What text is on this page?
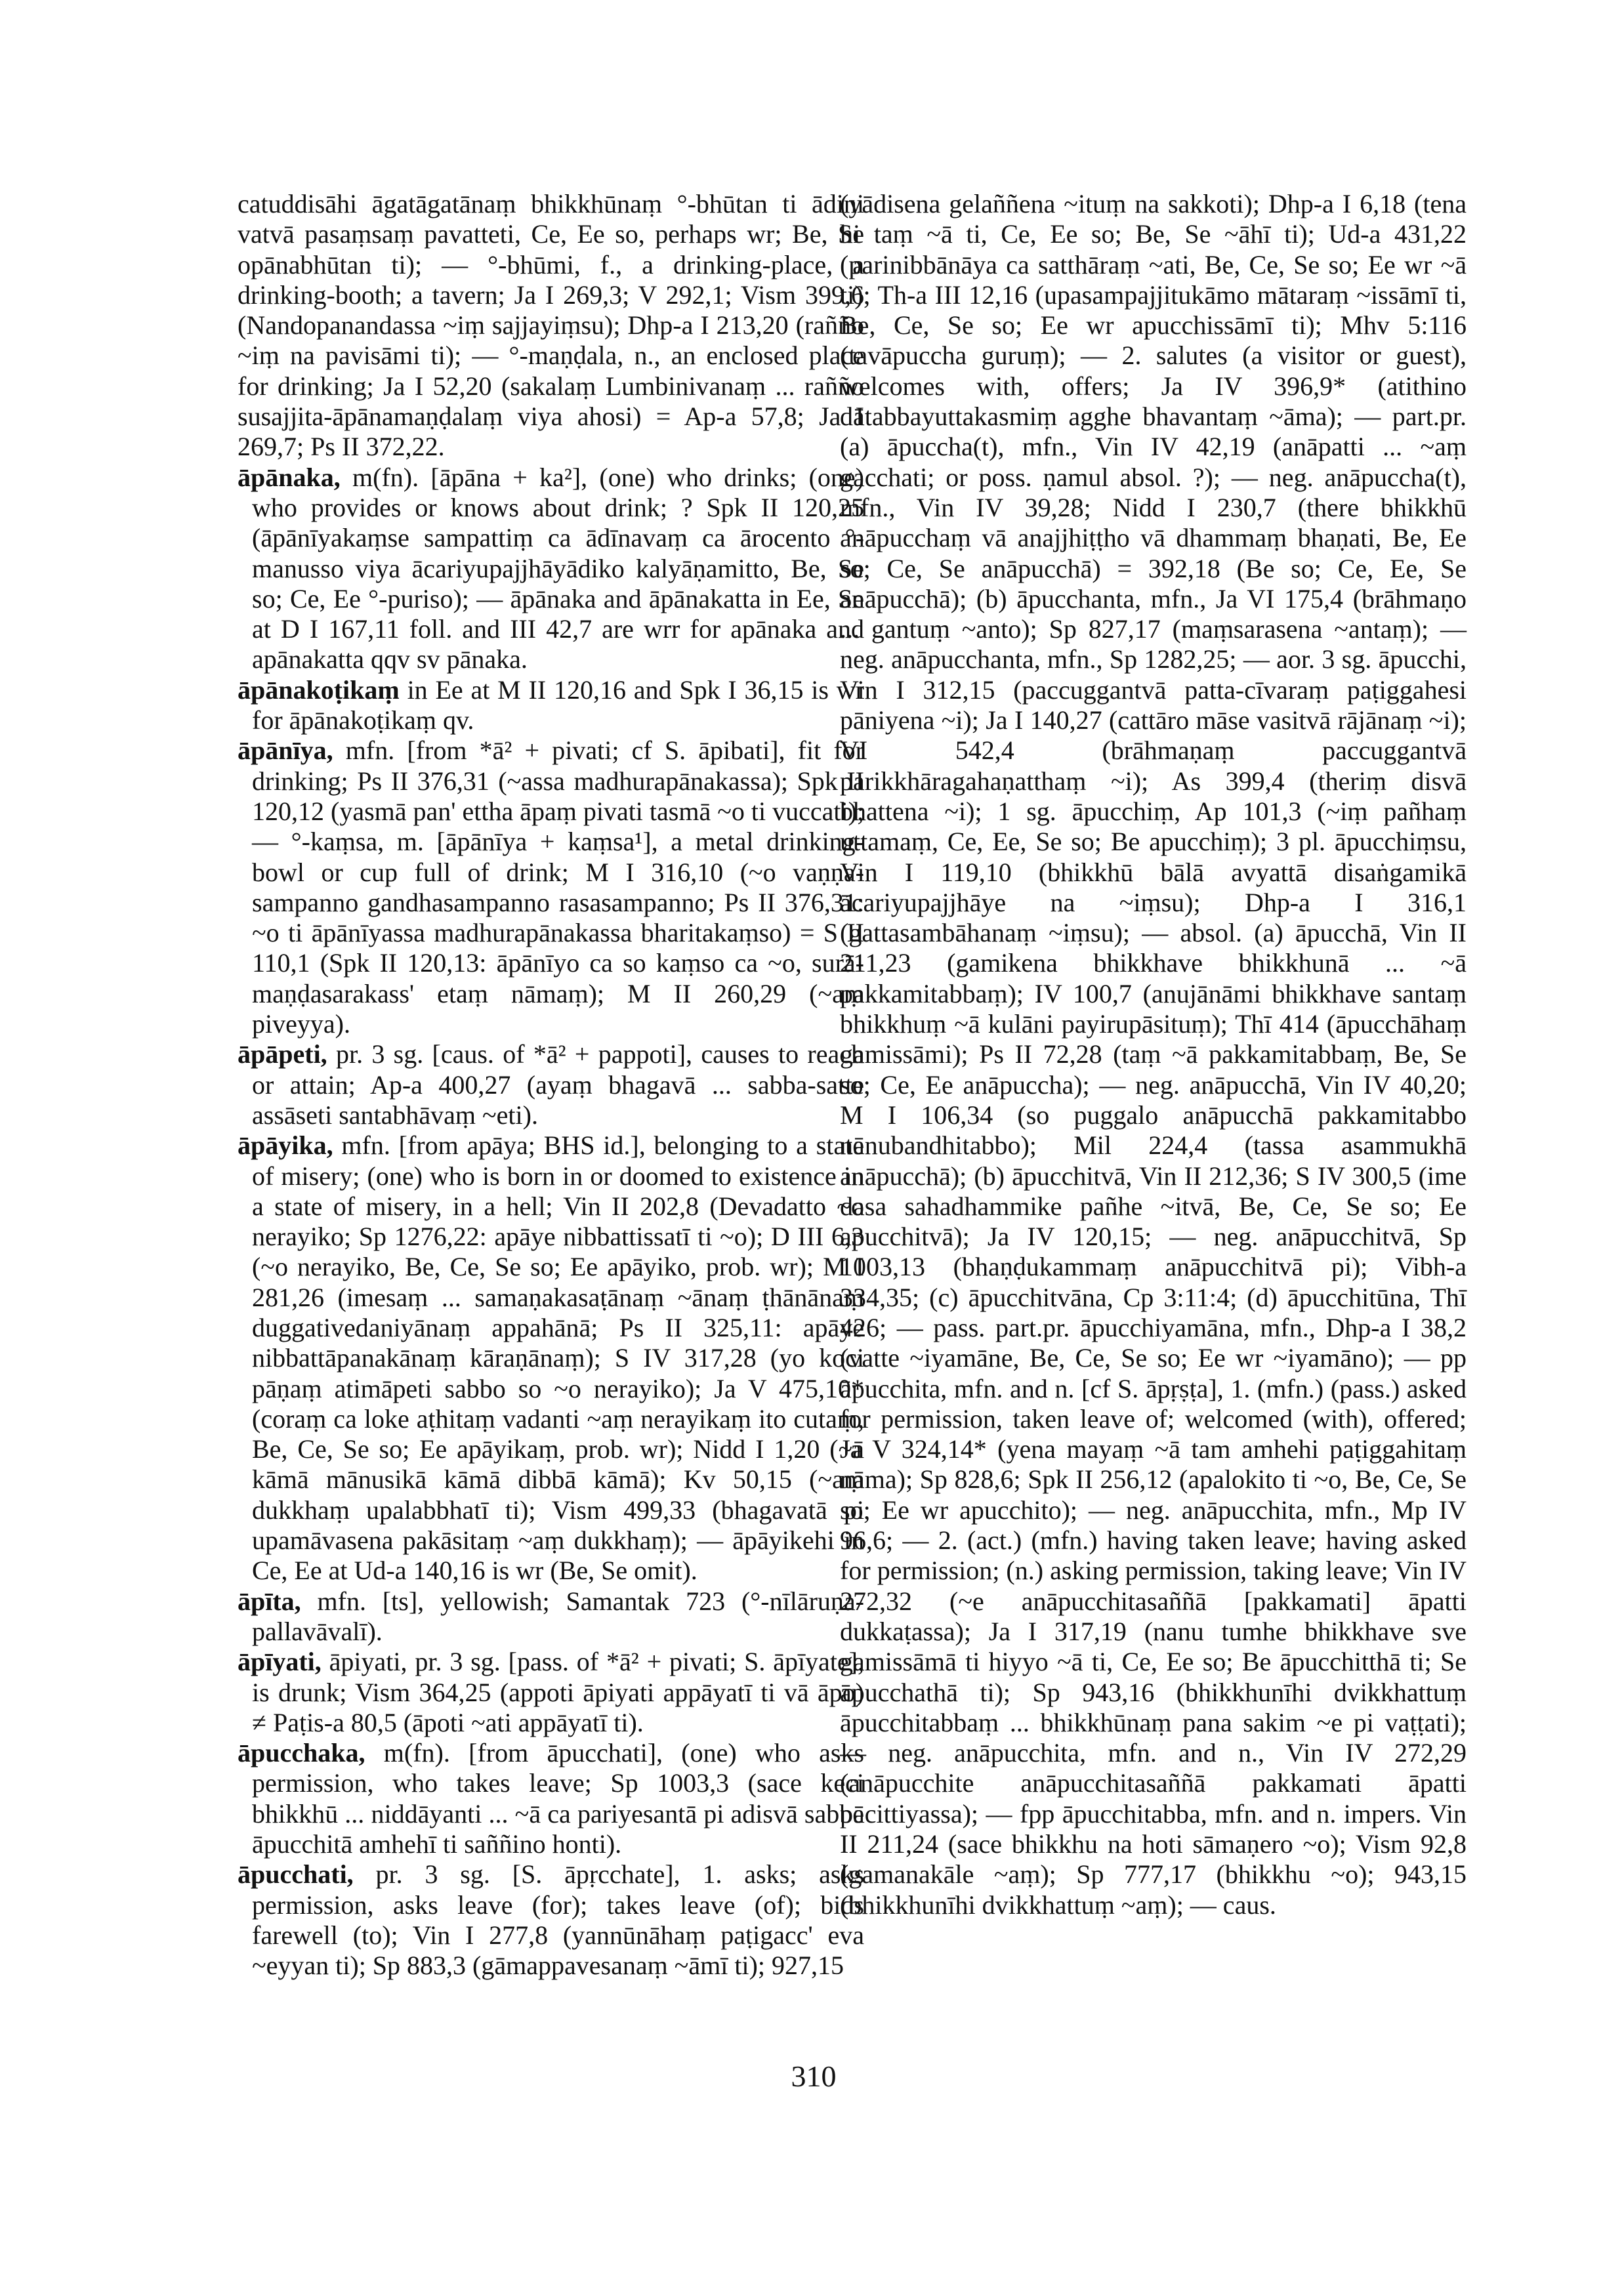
catuddisāhi āgatāgatānaṃ bhikkhūnaṃ °-bhūtan ti ādini vatvā pasaṃsaṃ pavatteti, Ce, Ee so, perhaps wr; Be, Se opānabhūtan ti); — °-bhūmi, f., a drinking-place, a drinking-booth; a tavern; Ja I 269,3; V 292,1; Vism 399,6 (Nandopanandassa ~iṃ sajjayiṃsu); Dhp-a I 213,20 (rañño ~iṃ na pavisāmi ti); — °-maṇḍala, n., an enclosed place for drinking; Ja I 52,20 (sakalaṃ Lumbinivanaṃ ... rañño susajjita-āpānamaṇḍalaṃ viya ahosi) = Ap-a 57,8; Ja I 269,7; Ps II 372,22.

āpānaka, m(fn). [āpāna + ka²], (one) who drinks; (one) who provides or knows about drink; ? Spk II 120,25 (āpānīyakaṃse sampattiṃ ca ādīnavaṃ ca ārocento °-manusso viya ācariyupajjhāyādiko kalyāṇamitto, Be, Se so; Ce, Ee °-puriso); — āpānaka and āpānakatta in Ee, Se at D I 167,11 foll. and III 42,7 are wrr for apānaka and apānakatta qqv sv pānaka.

āpānakoṭikaṃ in Ee at M II 120,16 and Spk I 36,15 is wr for āpānakoṭikaṃ qv.

āpānīya, mfn. [from *ā² + pivati; cf S. āpibati], fit for drinking; Ps II 376,31 (~assa madhurapānakassa); Spk II 120,12 (yasmā pan' ettha āpaṃ pivati tasmā ~o ti vuccati); — °-kaṃsa, m. [āpānīya + kaṃsa¹], a metal drinking-bowl or cup full of drink; M I 316,10 (~o vaṇṇa-sampanno gandhasampanno rasasampanno; Ps II 376,31: ~o ti āpānīyassa madhurapānakassa bharitakaṃso) = S II 110,1 (Spk II 120,13: āpānīyo ca so kaṃso ca ~o, surā-maṇḍasarakass' etaṃ nāmaṃ); M II 260,29 (~aṃ piveyya).

āpāpeti, pr. 3 sg. [caus. of *ā² + pappoti], causes to reach or attain; Ap-a 400,27 (ayaṃ bhagavā ... sabba-satte assāseti santabhāvaṃ ~eti).

āpāyika, mfn. [from apāya; BHS id.], belonging to a state of misery; (one) who is born in or doomed to existence in a state of misery, in a hell; Vin II 202,8 (Devadatto ~o nerayiko; Sp 1276,22: apāye nibbattissatī ti ~o); D III 6,3 (~o nerayiko, Be, Ce, Se so; Ee apāyiko, prob. wr); M I 281,26 (imesaṃ ... samaṇakasaṭānaṃ ~ānaṃ ṭhānānaṃ duggativedaniyānaṃ appahānā; Ps II 325,11: apāye nibbattāpanakānaṃ kāraṇānaṃ); S IV 317,28 (yo koci pāṇaṃ atimāpeti sabbo so ~o nerayiko); Ja V 475,10* (coraṃ ca loke aṭhitaṃ vadanti ~aṃ nerayikaṃ ito cutaṃ, Be, Ce, Se so; Ee apāyikaṃ, prob. wr); Nidd I 1,20 (~ā kāmā mānusikā kāmā dibbā kāmā); Kv 50,15 (~aṃ dukkhaṃ upalabbhatī ti); Vism 499,33 (bhagavatā pi upamāvasena pakāsitaṃ ~aṃ dukkhaṃ); — āpāyikehi in Ce, Ee at Ud-a 140,16 is wr (Be, Se omit).

āpīta, mfn. [ts], yellowish; Samantak 723 (°-nīlāruṇa-pallavāvalī).

āpīyati, āpiyati, pr. 3 sg. [pass. of *ā² + pivati; S. āpīyate], is drunk; Vism 364,25 (appoti āpiyati appāyatī ti vā āpo) ≠ Paṭis-a 80,5 (āpoti ~ati appāyatī ti).

āpucchaka, m(fn). [from āpucchati], (one) who asks permission, who takes leave; Sp 1003,3 (sace keci bhikkhū ... niddāyanti ... ~ā ca pariyesantā pi adisvā sabbe āpucchitā amhehī ti saññino honti).

āpucchati, pr. 3 sg. [S. āpṛcchate], 1. asks; asks permission, asks leave (for); takes leave (of); bids farewell (to); Vin I 277,8 (yannūnāhaṃ paṭigacc' eva ~eyyan ti); Sp 883,3 (gāmappavesanaṃ ~āmī ti); 927,15

(yādisena gelaññena ~ituṃ na sakkoti); Dhp-a I 6,18 (tena hi taṃ ~ā ti, Ce, Ee so; Be, Se ~āhī ti); Ud-a 431,22 (parinibbānāya ca satthāraṃ ~ati, Be, Ce, Se so; Ee wr ~ā ti); Th-a III 12,16 (upasampajjitukāmo mātaraṃ ~issāmī ti, Be, Ce, Se so; Ee wr apucchissāmī ti); Mhv 5:116 (tavāpuccha guruṃ); — 2. salutes (a visitor or guest), welcomes with, offers; Ja IV 396,9* (atithino dātabbayuttakasmiṃ agghe bhavantaṃ ~āma); — part.pr. (a) āpuccha(t), mfn., Vin IV 42,19 (anāpatti ... ~aṃ gacchati; or poss. ṇamul absol. ?); — neg. anāpuccha(t), mfn., Vin IV 39,28; Nidd I 230,7 (there bhikkhū anāpucchaṃ vā anajjhiṭṭho vā dhammaṃ bhaṇati, Be, Ee so; Ce, Se anāpucchā) = 392,18 (Be so; Ce, Ee, Se anāpucchā); (b) āpucchanta, mfn., Ja VI 175,4 (brāhmaṇo ... gantuṃ ~anto); Sp 827,17 (maṃsarasena ~antaṃ); — neg. anāpucchanta, mfn., Sp 1282,25; — aor. 3 sg. āpucchi, Vin I 312,15 (paccuggantvā patta-cīvaraṃ paṭiggahesi pāniyena ~i); Ja I 140,27 (cattāro māse vasitvā rājānaṃ ~i); VI 542,4 (brāhmaṇaṃ paccuggantvā parikkhāragahaṇatthaṃ ~i); As 399,4 (theriṃ disvā bhattena ~i); 1 sg. āpucchiṃ, Ap 101,3 (~iṃ pañhaṃ uttamaṃ, Ce, Ee, Se so; Be apucchiṃ); 3 pl. āpucchiṃsu, Vin I 119,10 (bhikkhū bālā avyattā disaṅgamikā ācariyupajjhāye na ~iṃsu); Dhp-a I 316,1 (gattasambāhanaṃ ~iṃsu); — absol. (a) āpucchā, Vin II 211,23 (gamikena bhikkhave bhikkhunā ... ~ā pakkamitabbaṃ); IV 100,7 (anujānāmi bhikkhave santaṃ bhikkhuṃ ~ā kulāni payirupāsituṃ); Thī 414 (āpucchāhaṃ gamissāmi); Ps II 72,28 (taṃ ~ā pakkamitabbaṃ, Be, Se so; Ce, Ee anāpuccha); — neg. anāpucchā, Vin IV 40,20; M I 106,34 (so puggalo anāpucchā pakkamitabbo nānubandhitabbo); Mil 224,4 (tassa asammukhā anāpucchā); (b) āpucchitvā, Vin II 212,36; S IV 300,5 (ime dasa sahadhammike pañhe ~itvā, Be, Ce, Se so; Ee apucchitvā); Ja IV 120,15; — neg. anāpucchitvā, Sp 1003,13 (bhaṇḍukammaṃ anāpucchitvā pi); Vibh-a 334,35; (c) āpucchitvāna, Cp 3:11:4; (d) āpucchitūna, Thī 426; — pass. part.pr. āpucchiyamāna, mfn., Dhp-a I 38,2 (vatte ~iyamāne, Be, Ce, Se so; Ee wr ~iyamāno); — pp āpucchita, mfn. and n. [cf S. āpṛṣṭa], 1. (mfn.) (pass.) asked for permission, taken leave of; welcomed (with), offered; Ja V 324,14* (yena mayaṃ ~ā tam amhehi paṭiggahitaṃ nāma); Sp 828,6; Spk II 256,12 (apalokito ti ~o, Be, Ce, Se so; Ee wr apucchito); — neg. anāpucchita, mfn., Mp IV 96,6; — 2. (act.) (mfn.) having taken leave; having asked for permission; (n.) asking permission, taking leave; Vin IV 272,32 (~e anāpucchitasaññā [pakkamati] āpatti dukkaṭassa); Ja I 317,19 (nanu tumhe bhikkhave sve gamissāmā ti hiyyo ~ā ti, Ce, Ee so; Be āpucchitthā ti; Se āpucchathā ti); Sp 943,16 (bhikkhunīhi dvikkhattuṃ āpucchitabbaṃ ... bhikkhūnaṃ pana sakim ~e pi vaṭṭati); — neg. anāpucchita, mfn. and n., Vin IV 272,29 (anāpucchite anāpucchitasaññā pakkamati āpatti pācittiyassa); — fpp āpucchitabba, mfn. and n. impers. Vin II 211,24 (sace bhikkhu na hoti sāmaṇero ~o); Vism 92,8 (gamanakāle ~aṃ); Sp 777,17 (bhikkhu ~o); 943,15 (bhikkhunīhi dvikkhattuṃ ~aṃ); — caus.

310
